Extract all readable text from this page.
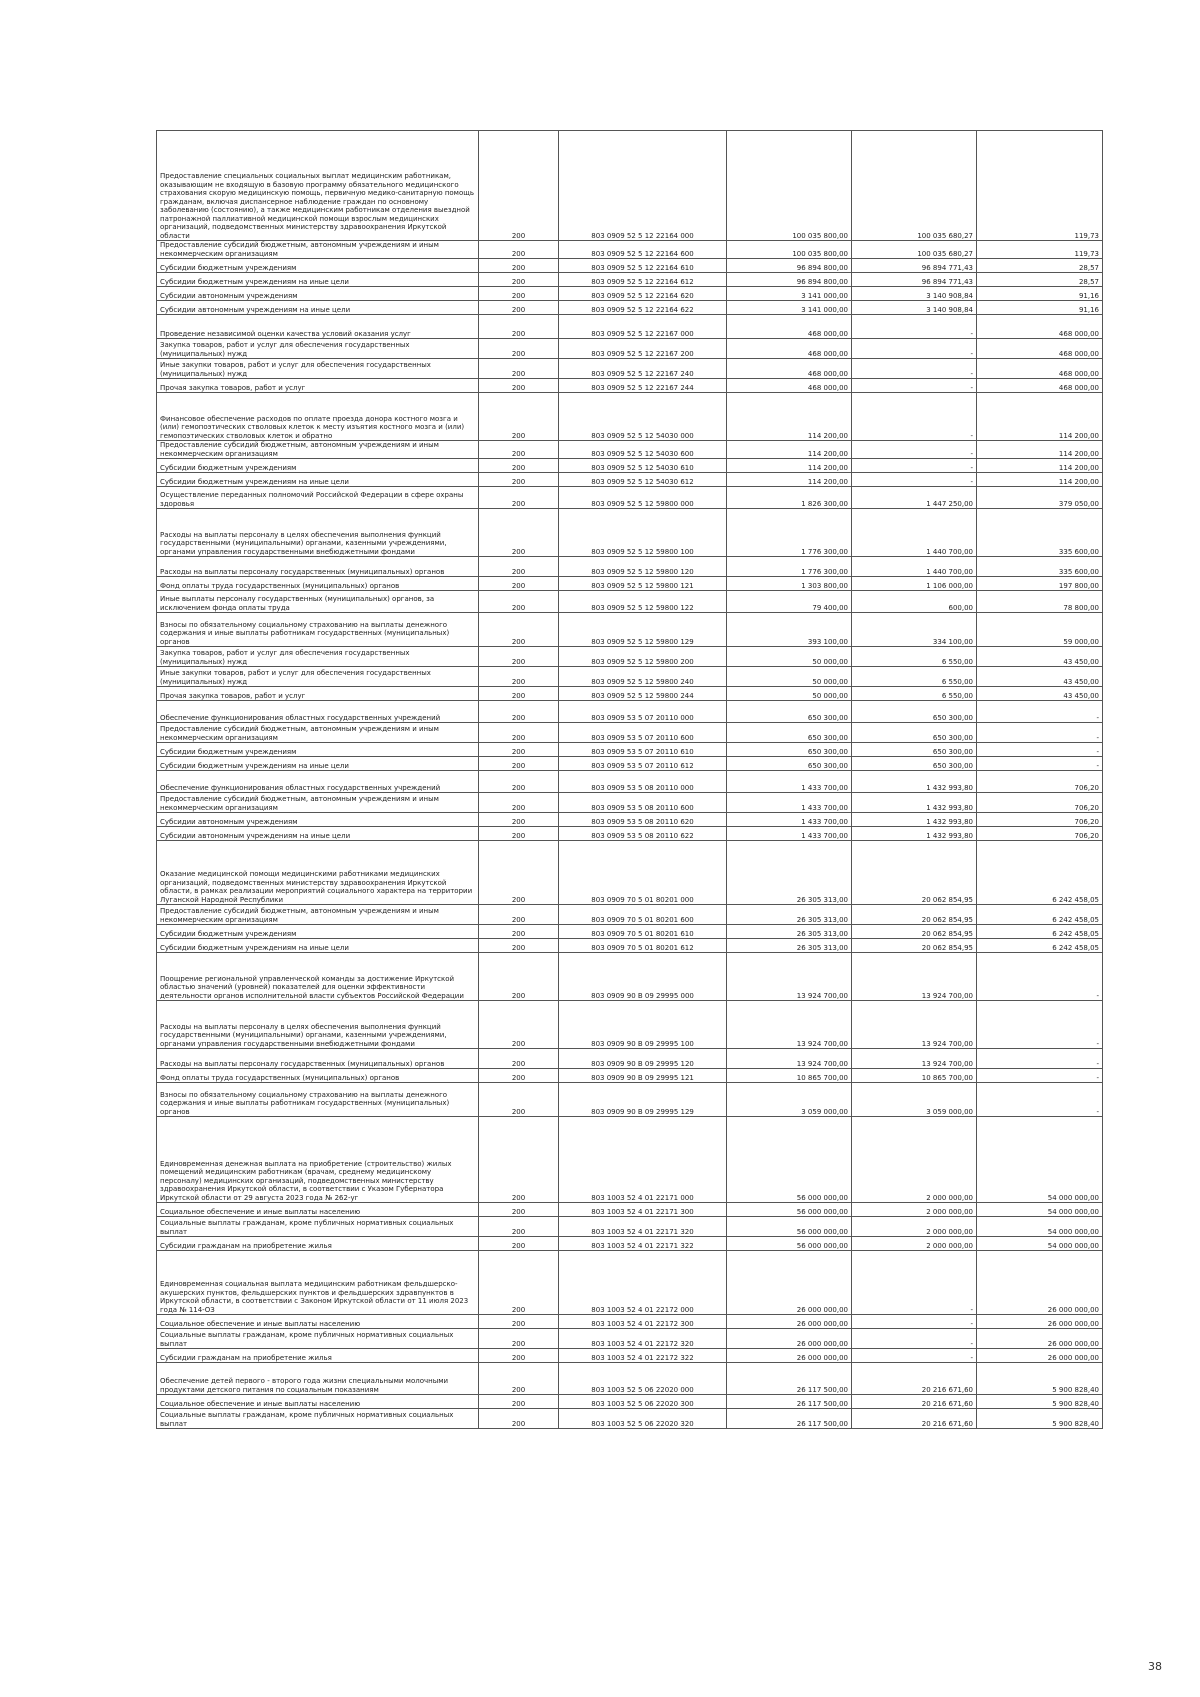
Предоставление специальных социальных выплат медицинским работникам, оказывающим не входящую в базовую программу обязательного медицинского страхования скорую медицинскую помощь, первичную медико-санитарную помощь гражданам, включая диспансерное наблюдение граждан по основному заболеванию (состоянию), а также медицинским работникам отделения выездной патронажной паллиативной медицинской помощи взрослым медицинских организаций, подведомственных министерству здравоохранения Иркутской области	200	803 0909 52 5 12 22164 000	100 035 800,00	100 035 680,27	119,73
Предоставление субсидий бюджетным, автономным учреждениям и иным некоммерческим организациям	200	803 0909 52 5 12 22164 600	100 035 800,00	100 035 680,27	119,73
Субсидии бюджетным учреждениям	200	803 0909 52 5 12 22164 610	96 894 800,00	96 894 771,43	28,57
Субсидии бюджетным учреждениям на иные цели	200	803 0909 52 5 12 22164 612	96 894 800,00	96 894 771,43	28,57
Субсидии автономным учреждениям	200	803 0909 52 5 12 22164 620	3 141 000,00	3 140 908,84	91,16
Субсидии автономным учреждениям на иные цели	200	803 0909 52 5 12 22164 622	3 141 000,00	3 140 908,84	91,16
Проведение независимой оценки качества условий оказания услуг	200	803 0909 52 5 12 22167 000	468 000,00	-	468 000,00
Закупка товаров, работ и услуг для обеспечения государственных (муниципальных) нужд	200	803 0909 52 5 12 22167 200	468 000,00	-	468 000,00
Иные закупки товаров, работ и услуг для обеспечения государственных (муниципальных) нужд	200	803 0909 52 5 12 22167 240	468 000,00	-	468 000,00
Прочая закупка товаров, работ и услуг	200	803 0909 52 5 12 22167 244	468 000,00	-	468 000,00
Финансовое обеспечение расходов по оплате проезда донора костного мозга и (или) гемопоэтических стволовых клеток к месту изъятия костного мозга и (или) гемопоэтических стволовых клеток и обратно	200	803 0909 52 5 12 54030 000	114 200,00	-	114 200,00
Предоставление субсидий бюджетным, автономным учреждениям и иным некоммерческим организациям	200	803 0909 52 5 12 54030 600	114 200,00	-	114 200,00
Субсидии бюджетным учреждениям	200	803 0909 52 5 12 54030 610	114 200,00	-	114 200,00
Субсидии бюджетным учреждениям на иные цели	200	803 0909 52 5 12 54030 612	114 200,00	-	114 200,00
Осуществление переданных полномочий Российской Федерации в сфере охраны здоровья	200	803 0909 52 5 12 59800 000	1 826 300,00	1 447 250,00	379 050,00
Расходы на выплаты персоналу в целях обеспечения выполнения функций государственными (муниципальными) органами, казенными учреждениями, органами управления государственными внебюджетными фондами	200	803 0909 52 5 12 59800 100	1 776 300,00	1 440 700,00	335 600,00
Расходы на выплаты персоналу государственных (муниципальных) органов	200	803 0909 52 5 12 59800 120	1 776 300,00	1 440 700,00	335 600,00
Фонд оплаты труда государственных (муниципальных) органов	200	803 0909 52 5 12 59800 121	1 303 800,00	1 106 000,00	197 800,00
Иные выплаты персоналу государственных (муниципальных) органов, за исключением фонда оплаты труда	200	803 0909 52 5 12 59800 122	79 400,00	600,00	78 800,00
Взносы по обязательному социальному страхованию на выплаты денежного содержания и иные выплаты работникам государственных (муниципальных) органов	200	803 0909 52 5 12 59800 129	393 100,00	334 100,00	59 000,00
Закупка товаров, работ и услуг для обеспечения государственных (муниципальных) нужд	200	803 0909 52 5 12 59800 200	50 000,00	6 550,00	43 450,00
Иные закупки товаров, работ и услуг для обеспечения государственных (муниципальных) нужд	200	803 0909 52 5 12 59800 240	50 000,00	6 550,00	43 450,00
Прочая закупка товаров, работ и услуг	200	803 0909 52 5 12 59800 244	50 000,00	6 550,00	43 450,00
Обеспечение функционирования областных государственных учреждений	200	803 0909 53 5 07 20110 000	650 300,00	650 300,00	-
Предоставление субсидий бюджетным, автономным учреждениям и иным некоммерческим организациям	200	803 0909 53 5 07 20110 600	650 300,00	650 300,00	-
Субсидии бюджетным учреждениям	200	803 0909 53 5 07 20110 610	650 300,00	650 300,00	-
Субсидии бюджетным учреждениям на иные цели	200	803 0909 53 5 07 20110 612	650 300,00	650 300,00	-
Обеспечение функционирования областных государственных учреждений	200	803 0909 53 5 08 20110 000	1 433 700,00	1 432 993,80	706,20
Предоставление субсидий бюджетным, автономным учреждениям и иным некоммерческим организациям	200	803 0909 53 5 08 20110 600	1 433 700,00	1 432 993,80	706,20
Субсидии автономным учреждениям	200	803 0909 53 5 08 20110 620	1 433 700,00	1 432 993,80	706,20
Субсидии автономным учреждениям на иные цели	200	803 0909 53 5 08 20110 622	1 433 700,00	1 432 993,80	706,20
Оказание медицинской помощи медицинскими работниками медицинских организаций, подведомственных министерству здравоохранения Иркутской области, в рамках реализации мероприятий социального характера на территории Луганской Народной Республики	200	803 0909 70 5 01 80201 000	26 305 313,00	20 062 854,95	6 242 458,05
Предоставление субсидий бюджетным, автономным учреждениям и иным некоммерческим организациям	200	803 0909 70 5 01 80201 600	26 305 313,00	20 062 854,95	6 242 458,05
Субсидии бюджетным учреждениям	200	803 0909 70 5 01 80201 610	26 305 313,00	20 062 854,95	6 242 458,05
Субсидии бюджетным учреждениям на иные цели	200	803 0909 70 5 01 80201 612	26 305 313,00	20 062 854,95	6 242 458,05
Поощрение региональной управленческой команды за достижение Иркутской областью значений (уровней) показателей для оценки эффективности деятельности органов исполнительной власти субъектов Российской Федерации	200	803 0909 90 В 09 29995 000	13 924 700,00	13 924 700,00	-
Расходы на выплаты персоналу в целях обеспечения выполнения функций государственными (муниципальными) органами, казенными учреждениями, органами управления государственными внебюджетными фондами	200	803 0909 90 В 09 29995 100	13 924 700,00	13 924 700,00	-
Расходы на выплаты персоналу государственных (муниципальных) органов	200	803 0909 90 В 09 29995 120	13 924 700,00	13 924 700,00	-
Фонд оплаты труда государственных (муниципальных) органов	200	803 0909 90 В 09 29995 121	10 865 700,00	10 865 700,00	-
Взносы по обязательному социальному страхованию на выплаты денежного содержания и иные выплаты работникам государственных (муниципальных) органов	200	803 0909 90 В 09 29995 129	3 059 000,00	3 059 000,00	-
Единовременная денежная выплата на приобретение (строительство) жилых помещений медицинским работникам (врачам, среднему медицинскому персоналу) медицинских организаций, подведомственных министерству здравоохранения Иркутской области, в соответствии с Указом Губернатора Иркутской области от 29 августа 2023 года № 262-уг	200	803 1003 52 4 01 22171 000	56 000 000,00	2 000 000,00	54 000 000,00
Социальное обеспечение и иные выплаты населению	200	803 1003 52 4 01 22171 300	56 000 000,00	2 000 000,00	54 000 000,00
Социальные выплаты гражданам, кроме публичных нормативных социальных выплат	200	803 1003 52 4 01 22171 320	56 000 000,00	2 000 000,00	54 000 000,00
Субсидии гражданам на приобретение жилья	200	803 1003 52 4 01 22171 322	56 000 000,00	2 000 000,00	54 000 000,00
Единовременная социальная выплата медицинским работникам фельдшерско-акушерских пунктов, фельдшерских пунктов и фельдшерских здравпунктов в Иркутской области, в соответствии с Законом Иркутской области от 11 июля 2023 года № 114-ОЗ	200	803 1003 52 4 01 22172 000	26 000 000,00	-	26 000 000,00
Социальное обеспечение и иные выплаты населению	200	803 1003 52 4 01 22172 300	26 000 000,00	-	26 000 000,00
Социальные выплаты гражданам, кроме публичных нормативных социальных выплат	200	803 1003 52 4 01 22172 320	26 000 000,00	-	26 000 000,00
Субсидии гражданам на приобретение жилья	200	803 1003 52 4 01 22172 322	26 000 000,00	-	26 000 000,00
Обеспечение детей первого - второго года жизни специальными молочными продуктами детского питания по социальным показаниям	200	803 1003 52 5 06 22020 000	26 117 500,00	20 216 671,60	5 900 828,40
Социальное обеспечение и иные выплаты населению	200	803 1003 52 5 06 22020 300	26 117 500,00	20 216 671,60	5 900 828,40
Социальные выплаты гражданам, кроме публичных нормативных социальных выплат	200	803 1003 52 5 06 22020 320	26 117 500,00	20 216 671,60	5 900 828,40
38
